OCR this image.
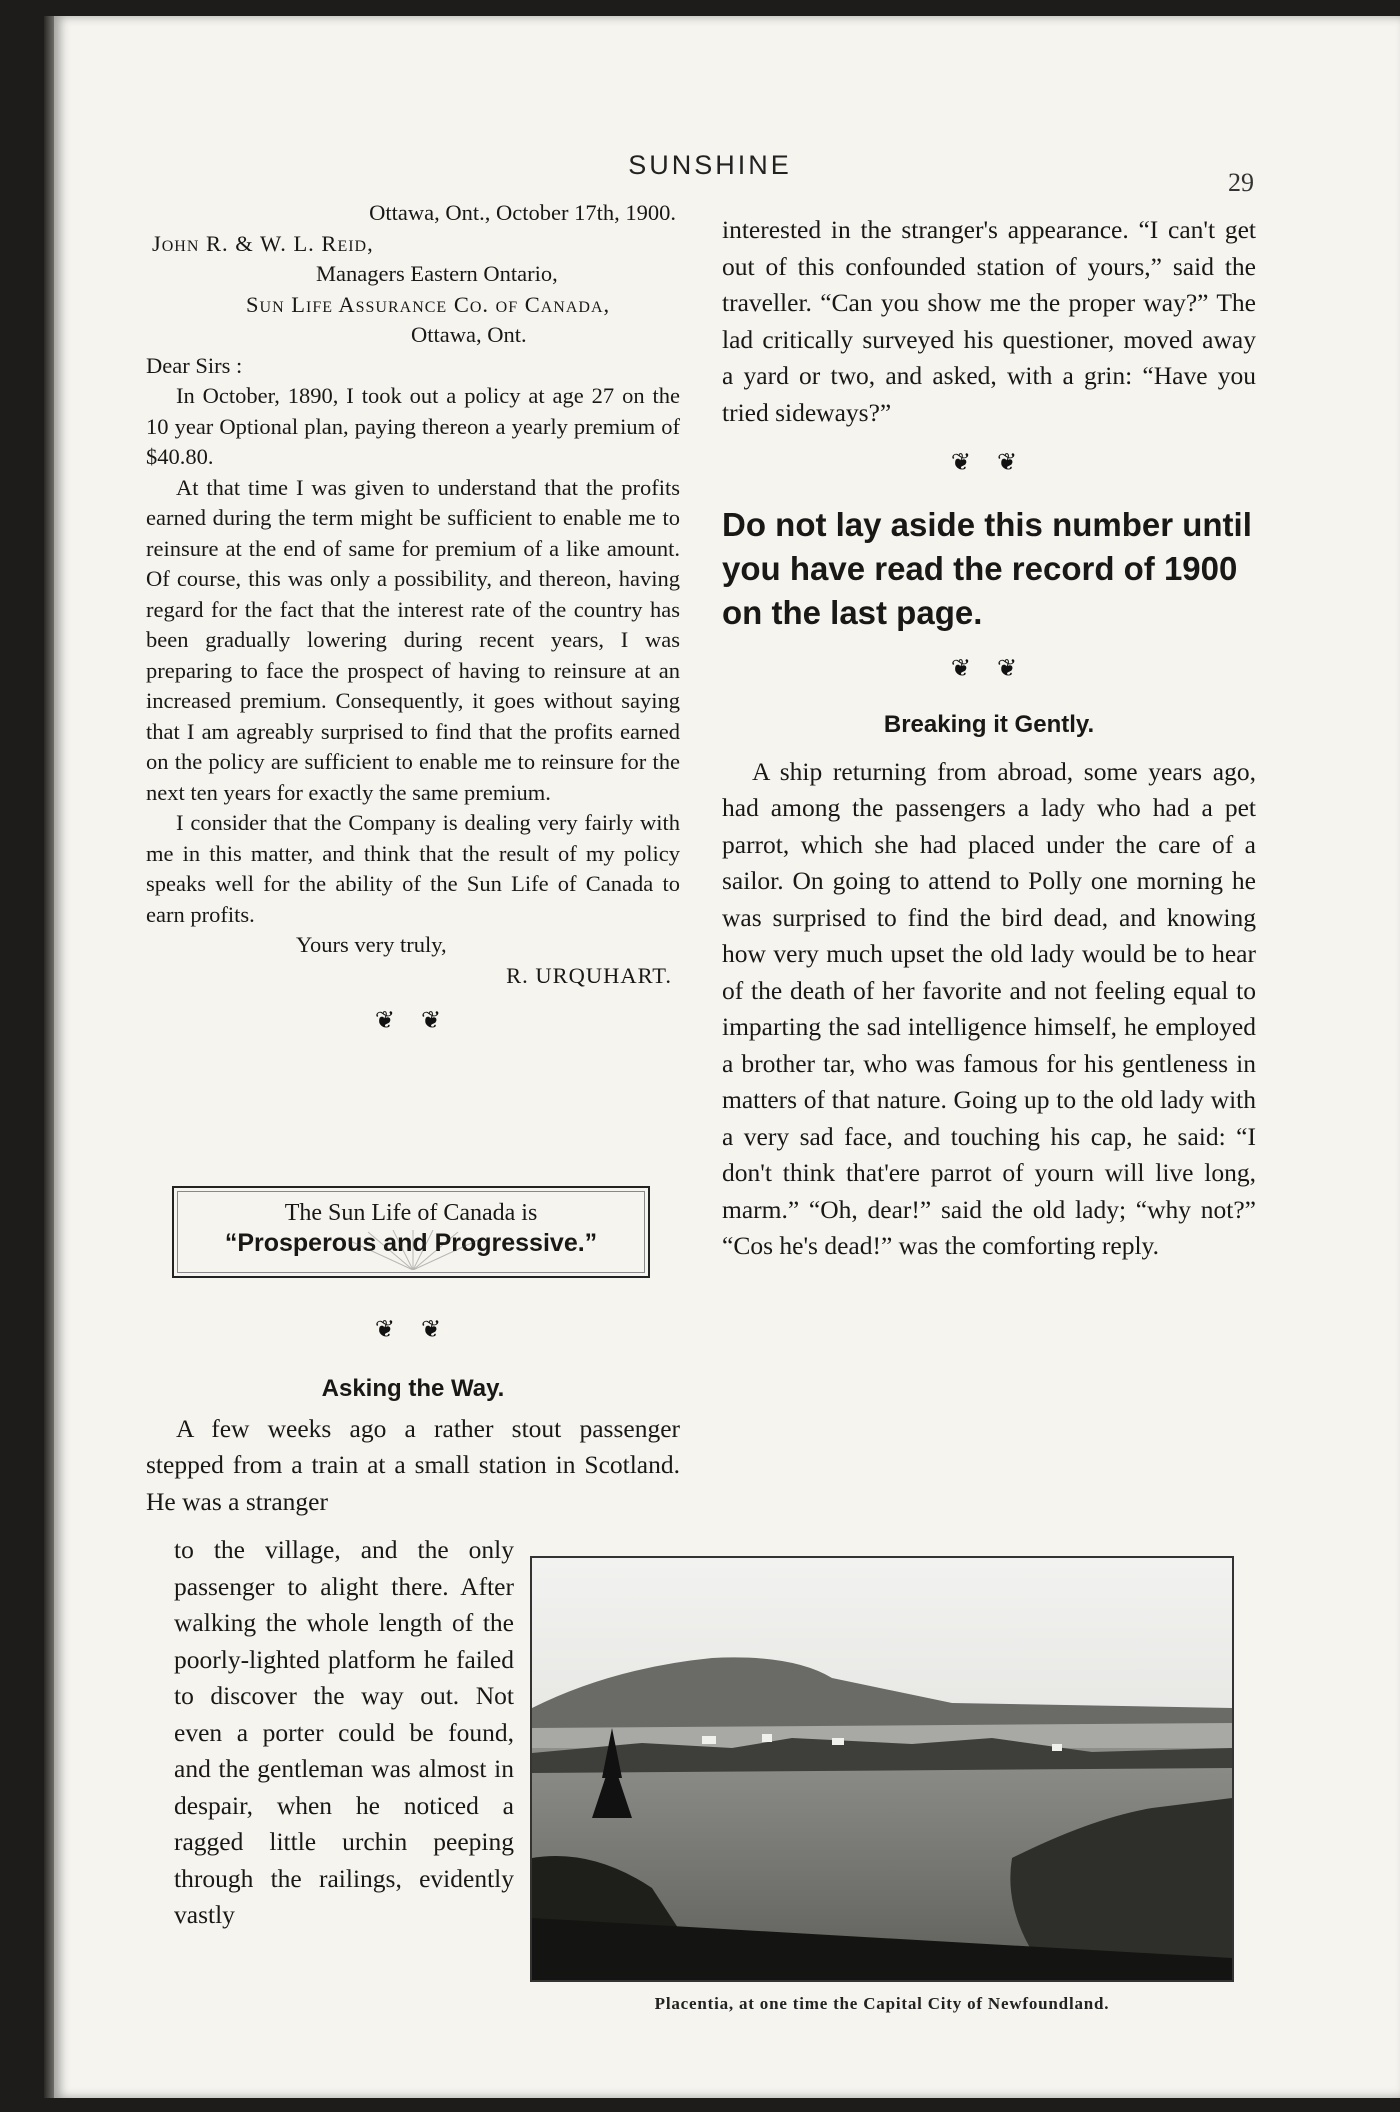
SUNSHINE
29
Ottawa, Ont., October 17th, 1900.
John R. & W. L. Reid,
Managers Eastern Ontario,
Sun Life Assurance Co. of Canada,
Ottawa, Ont.
Dear Sirs :

In October, 1890, I took out a policy at age 27 on the 10 year Optional plan, paying thereon a yearly premium of $40.80.

At that time I was given to understand that the profits earned during the term might be sufficient to enable me to reinsure at the end of same for premium of a like amount. Of course, this was only a possibility, and thereon, having regard for the fact that the interest rate of the country has been gradually lowering during recent years, I was preparing to face the prospect of having to reinsure at an increased premium. Consequently, it goes without saying that I am agreably surprised to find that the profits earned on the policy are sufficient to enable me to reinsure for the next ten years for exactly the same premium.

I consider that the Company is dealing very fairly with me in this matter, and think that the result of my policy speaks well for the ability of the Sun Life of Canada to earn profits.

Yours very truly,
R. URQUHART.
❦ ❦
The Sun Life of Canada is
“Prosperous and Progressive.”
❦ ❦
Asking the Way.

A few weeks ago a rather stout passenger stepped from a train at a small station in Scotland. He was a stranger

to the village, and the only passenger to alight there. After walking the whole length of the poorly-lighted platform he failed to discover the way out. Not even a porter could be found, and the gentleman was almost in despair, when he noticed a ragged little urchin peeping through the railings, evidently vastly

interested in the stranger's appearance. “I can't get out of this confounded station of yours,” said the traveller. “Can you show me the proper way?” The lad critically surveyed his questioner, moved away a yard or two, and asked, with a grin: “Have you tried sideways?”

❦ ❦
Do not lay aside this number until you have read the record of 1900 on the last page.
❦ ❦
Breaking it Gently.

A ship returning from abroad, some years ago, had among the passengers a lady who had a pet parrot, which she had placed under the care of a sailor. On going to attend to Polly one morning he was surprised to find the bird dead, and knowing how very much upset the old lady would be to hear of the death of her favorite and not feeling equal to imparting the sad intelligence himself, he employed a brother tar, who was famous for his gentleness in matters of that nature. Going up to the old lady with a very sad face, and touching his cap, he said: “I don't think that'ere parrot of yourn will live long, marm.” “Oh, dear!” said the old lady; “why not?” “Cos he's dead!” was the comforting reply.

Placentia, at one time the Capital City of Newfoundland.
